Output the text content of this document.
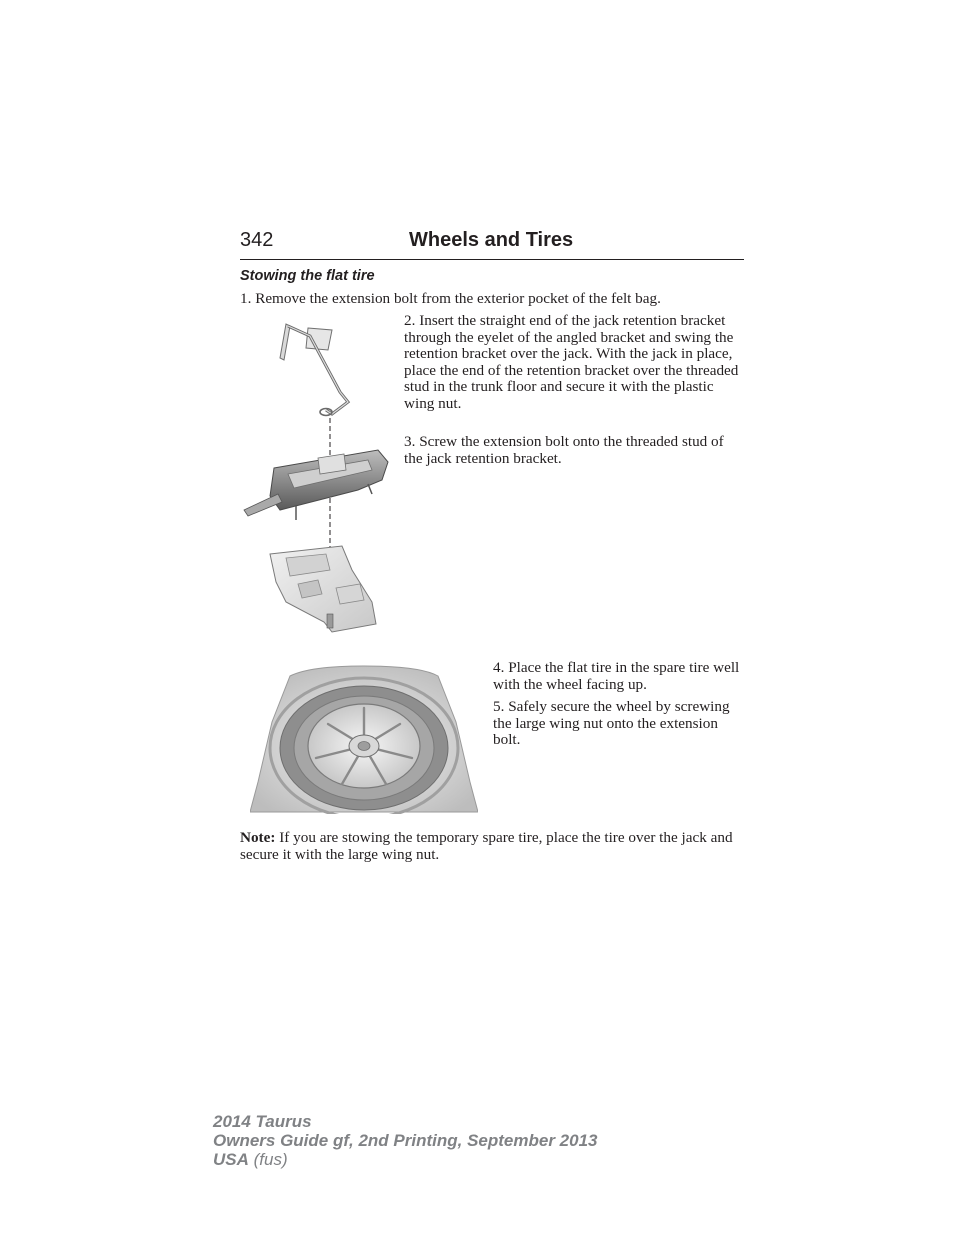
342	Wheels and Tires
Stowing the flat tire
1. Remove the extension bolt from the exterior pocket of the felt bag.
2. Insert the straight end of the jack retention bracket through the eyelet of the angled bracket and swing the retention bracket over the jack. With the jack in place, place the end of the retention bracket over the threaded stud in the trunk floor and secure it with the plastic wing nut.
3. Screw the extension bolt onto the threaded stud of the jack retention bracket.
4. Place the flat tire in the spare tire well with the wheel facing up.
5. Safely secure the wheel by screwing the large wing nut onto the extension bolt.
Note: If you are stowing the temporary spare tire, place the tire over the jack and secure it with the large wing nut.
2014 Taurus
Owners Guide gf, 2nd Printing, September 2013
USA (fus)
